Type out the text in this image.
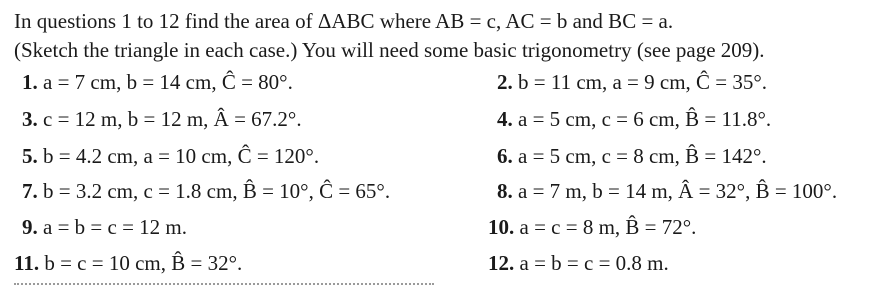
In questions 1 to 12 find the area of ΔABC where AB = c, AC = b and BC = a.
(Sketch the triangle in each case.) You will need some basic trigonometry (see page 209).
1. a = 7 cm, b = 14 cm, Ĉ = 80°.	2. b = 11 cm, a = 9 cm, Ĉ = 35°.
3. c = 12 m, b = 12 m, Â = 67.2°.	4. a = 5 cm, c = 6 cm, B̂ = 11.8°.
5. b = 4.2 cm, a = 10 cm, Ĉ = 120°.	6. a = 5 cm, c = 8 cm, B̂ = 142°.
7. b = 3.2 cm, c = 1.8 cm, B̂ = 10°, Ĉ = 65°.	8. a = 7 m, b = 14 m, Â = 32°, B̂ = 100°.
9. a = b = c = 12 m.	10. a = c = 8 m, B̂ = 72°.
11. b = c = 10 cm, B̂ = 32°.	12. a = b = c = 0.8 m.
